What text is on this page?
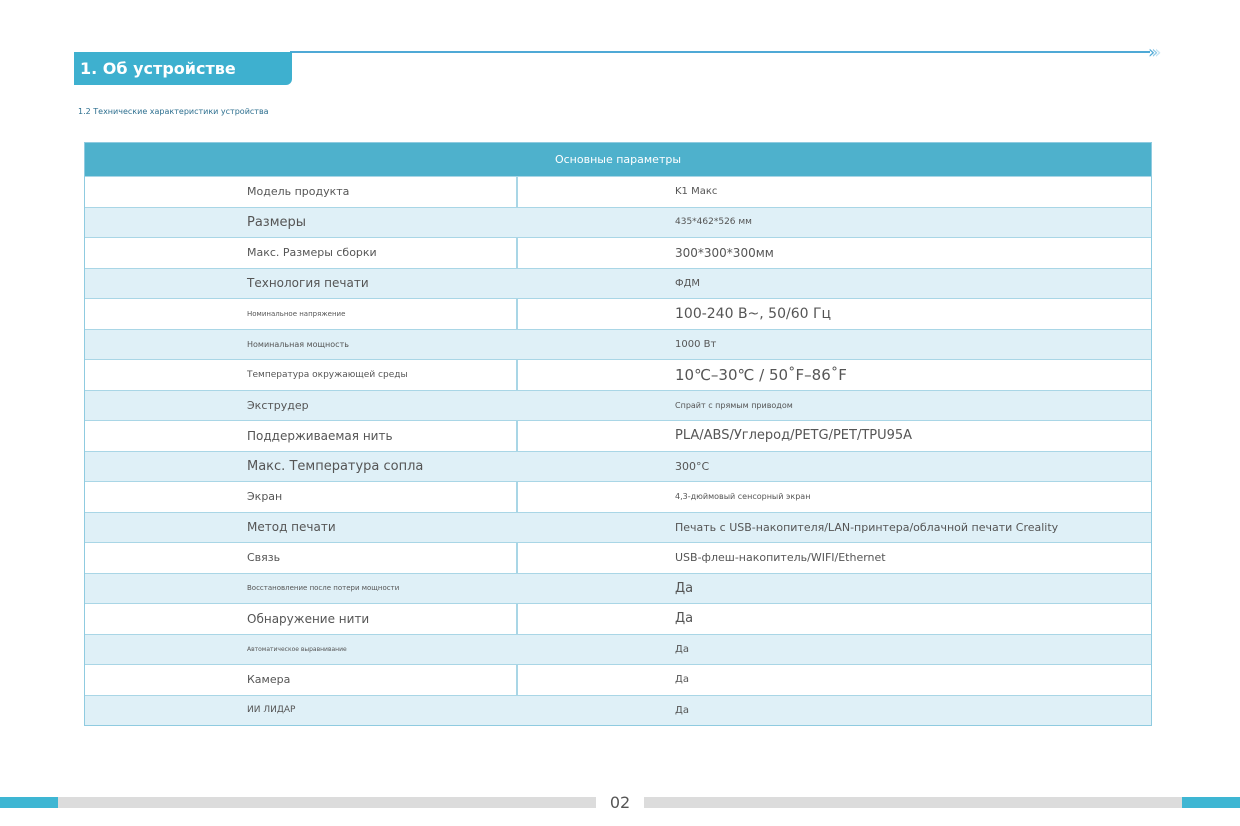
›››
1. Об устройстве
1.2 Технические характеристики устройства
Основные параметры
Модель продукта	K1 Макс
Размеры	435*462*526 мм
Макс. Размеры сборки	300*300*300мм
Технология печати	ФДМ
Номинальное напряжение	100-240 В~, 50/60 Гц
Номинальная мощность	1000 Вт
Температура окружающей среды	10℃–30℃ / 50˚F–86˚F
Экструдер	Спрайт с прямым приводом
Поддерживаемая нить	PLA/ABS/Углерод/PETG/PET/TPU95A
Макс. Температура сопла	300°C
Экран	4,3-дюймовый сенсорный экран
Метод печати	Печать с USB-накопителя/LAN-принтера/облачной печати Creality
Связь	USB-флеш-накопитель/WIFI/Ethernet
Восстановление после потери мощности	Да
Обнаружение нити	Да
Автоматическое выравнивание	Да
Камера	Да
ИИ ЛИДАР	Да
02
